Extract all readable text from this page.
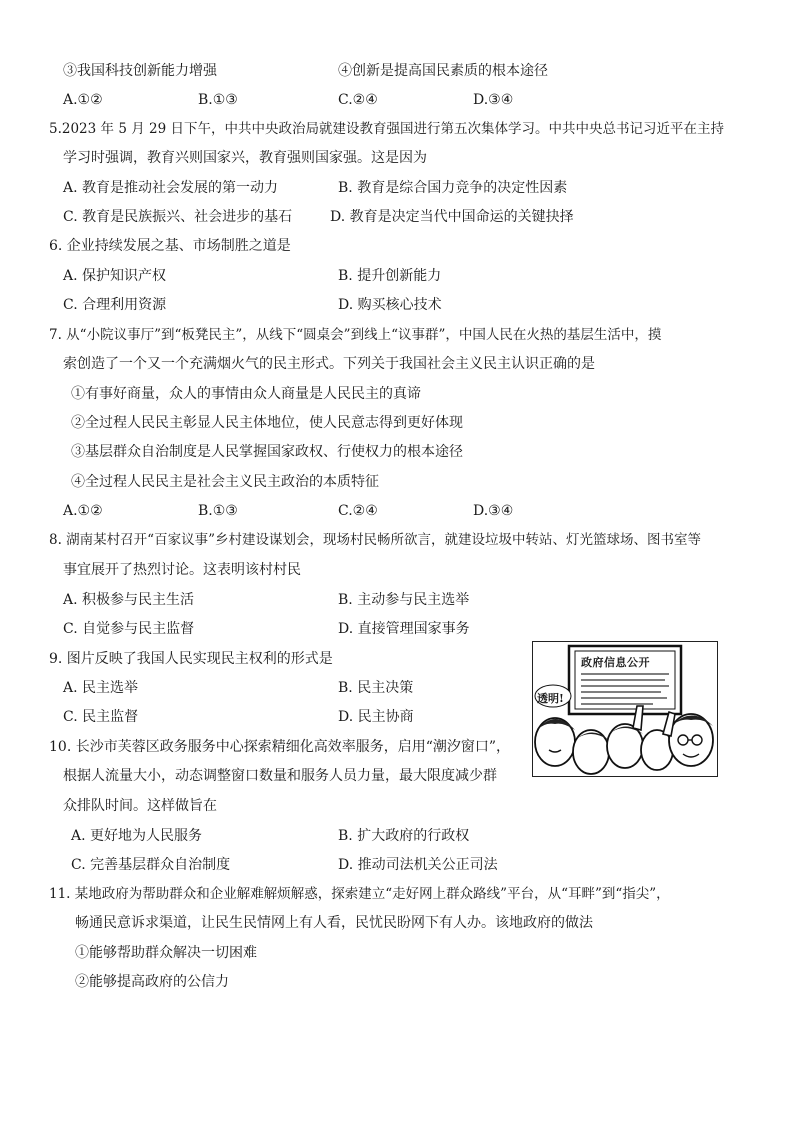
③我国科技创新能力增强	④创新是提高国民素质的根本途径
A.①②	B.①③	C.②④	D.③④
5.2023 年 5 月 29 日下午，中共中央政治局就建设教育强国进行第五次集体学习。中共中央总书记习近平在主持
学习时强调，教育兴则国家兴，教育强则国家强。这是因为
A. 教育是推动社会发展的第一动力	B. 教育是综合国力竞争的决定性因素
C. 教育是民族振兴、社会进步的基石	D. 教育是决定当代中国命运的关键抉择
6. 企业持续发展之基、市场制胜之道是
A. 保护知识产权	B. 提升创新能力
C. 合理利用资源	D. 购买核心技术
7. 从“小院议事厅”到“板凳民主”，从线下“圆桌会”到线上“议事群”，中国人民在火热的基层生活中，摸
索创造了一个又一个充满烟火气的民主形式。下列关于我国社会主义民主认识正确的是
①有事好商量，众人的事情由众人商量是人民民主的真谛
②全过程人民民主彰显人民主体地位，使人民意志得到更好体现
③基层群众自治制度是人民掌握国家政权、行使权力的根本途径
④全过程人民民主是社会主义民主政治的本质特征
A.①②	B.①③	C.②④	D.③④
8. 湖南某村召开“百家议事”乡村建设谋划会，现场村民畅所欲言，就建设垃圾中转站、灯光篮球场、图书室等
事宜展开了热烈讨论。这表明该村村民
A. 积极参与民主生活	B. 主动参与民主选举
C. 自觉参与民主监督	D. 直接管理国家事务
9. 图片反映了我国人民实现民主权利的形式是
A. 民主选举	B. 民主决策
C. 民主监督	D. 民主协商
政府信息公开
透明!
10. 长沙市芙蓉区政务服务中心探索精细化高效率服务，启用“潮汐窗口”，
根据人流量大小，动态调整窗口数量和服务人员力量，最大限度减少群
众排队时间。这样做旨在
A. 更好地为人民服务	B. 扩大政府的行政权
C. 完善基层群众自治制度	D. 推动司法机关公正司法
11. 某地政府为帮助群众和企业解难解烦解惑，探索建立“走好网上群众路线”平台，从“耳畔”到“指尖”，
畅通民意诉求渠道，让民生民情网上有人看，民忧民盼网下有人办。该地政府的做法
①能够帮助群众解决一切困难
②能够提高政府的公信力
